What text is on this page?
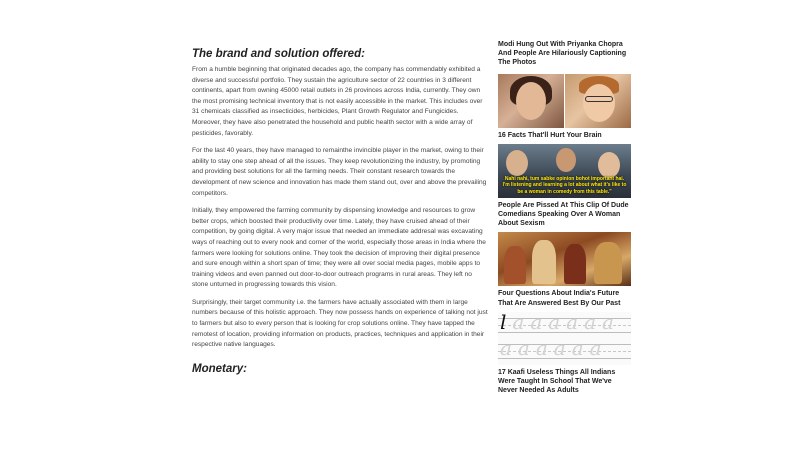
The brand and solution offered:

From a humble beginning that originated decades ago, the company has commendably exhibited a diverse and successful portfolio. They sustain the agriculture sector of 22 countries in 3 different continents, apart from owning 45000 retail outlets in 26 provinces across India, currently. They own the most promising technical inventory that is not easily accessible in the market. This includes over 31 chemicals classified as insecticides, herbicides, Plant Growth Regulator and Fungicides. Moreover, they have also penetrated the household and public health sector with a wide array of pesticides, favorably.

For the last 40 years, they have managed to remainthe invincible player in the market, owing to their ability to stay one step ahead of all the issues. They keep revolutionizing the industry, by promoting and providing best solutions for all the farming needs. Their constant research towards the development of new science and innovation has made them stand out, over and above the prevailing competitors.

Initially, they empowered the farming community by dispensing knowledge and resources to grow better crops, which boosted their productivity over time. Lately, they have cruised ahead of their competition, by going digital. A very major issue that needed an immediate addresal was excavating ways of reaching out to every nook and corner of the world, especially those areas in India where the farmers were looking for solutions online. They took the decision of improving their digital presence and sure enough within a short span of time; they were all over social media pages, mobile apps to training videos and even panned out door-to-door outreach programs in rural areas. They left no stone unturned in progressing towards this vision.

Surprisingly, their target community i.e. the farmers have actually associated with them in large numbers because of this holistic approach. They now possess hands on experience of talking not just to farmers but also to every person that is looking for crop solutions online. They have tapped the remotest of location, providing information on products, practices, techniques and application in their respective native languages.

Monetary:
Modi Hung Out With Priyanka Chopra And People Are Hilariously Captioning The Photos
16 Facts That'll Hurt Your Brain
Nahi nahi, tum sabke opinion bohot important hai.
I'm listening and learning a lot about what it's like to
be a woman in comedy from this table."
People Are Pissed At This Clip Of Dude Comedians Speaking Over A Woman About Sexism
Four Questions About India's Future That Are Answered Best By Our Past
laaaaaa
aaaaaa
17 Kaafi Useless Things All Indians Were Taught In School That We've Never Needed As Adults
